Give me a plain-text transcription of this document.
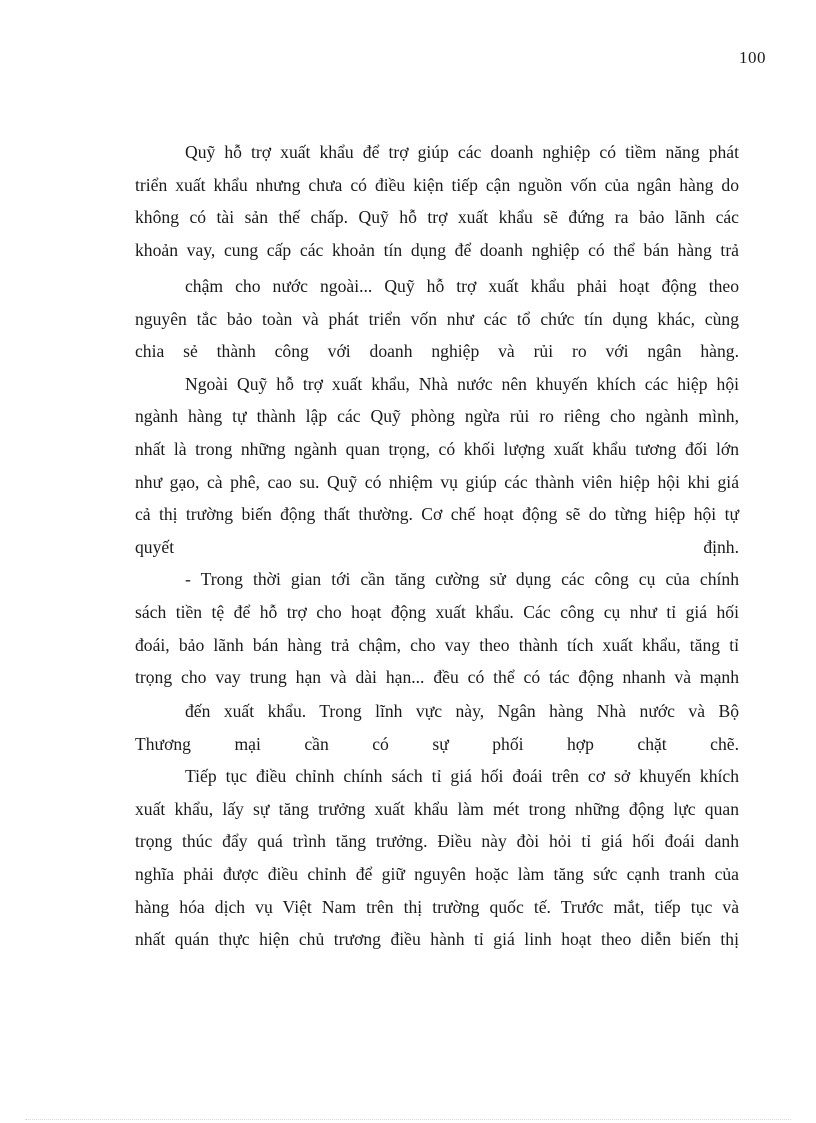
100
Quỹ hỗ trợ xuất khẩu để trợ giúp các doanh nghiệp có tiềm năng phát
triển xuất khẩu nhưng chưa có điều kiện tiếp cận nguồn vốn của ngân hàng do
không có tài sản thế chấp. Quỹ hỗ trợ xuất khẩu sẽ đứng ra bảo lãnh các
khoản vay, cung cấp các khoản tín dụng để doanh nghiệp có thể bán hàng trả
chậm cho nước ngoài... Quỹ hỗ trợ xuất khẩu phải hoạt động theo
nguyên tắc bảo toàn và phát triển vốn như các tổ chức tín dụng khác, cùng
chia sẻ thành công với doanh nghiệp và rủi ro với ngân hàng.
Ngoài Quỹ hỗ trợ xuất khẩu, Nhà nước nên khuyến khích các hiệp hội
ngành hàng tự thành lập các Quỹ phòng ngừa rủi ro riêng cho ngành mình,
nhất là trong những ngành quan trọng, có khối lượng xuất khẩu tương đối lớn
như gạo, cà phê, cao su. Quỹ có nhiệm vụ giúp các thành viên hiệp hội khi giá
cả thị trường biến động thất thường. Cơ chế hoạt động sẽ do từng hiệp hội tự
quyết định.
- Trong thời gian tới cần tăng cường sử dụng các công cụ của chính
sách tiền tệ để hỗ trợ cho hoạt động xuất khẩu. Các công cụ như tỉ giá hối
đoái, bảo lãnh bán hàng trả chậm, cho vay theo thành tích xuất khẩu, tăng tỉ
trọng cho vay trung hạn và dài hạn... đều có thể có tác động nhanh và mạnh
đến xuất khẩu. Trong lĩnh vực này, Ngân hàng Nhà nước và Bộ
Thương mại cần có sự phối hợp chặt chẽ.
Tiếp tục điều chỉnh chính sách tỉ giá hối đoái trên cơ sở khuyến khích
xuất khẩu, lấy sự tăng trưởng xuất khẩu làm mét trong những động lực quan
trọng thúc đẩy quá trình tăng trưởng. Điều này đòi hỏi tỉ giá hối đoái danh
nghĩa phải được điều chỉnh để giữ nguyên hoặc làm tăng sức cạnh tranh của
hàng hóa dịch vụ Việt Nam trên thị trường quốc tế. Trước mắt, tiếp tục và
nhất quán thực hiện chủ trương điều hành tỉ giá linh hoạt theo diễn biến thị
